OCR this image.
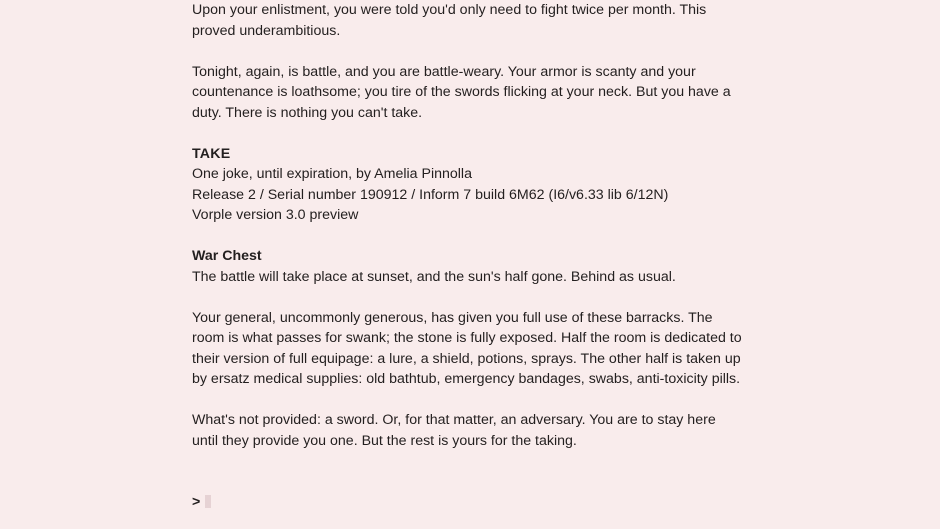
Upon your enlistment, you were told you'd only need to fight twice per month. This proved underambitious.

Tonight, again, is battle, and you are battle-weary. Your armor is scanty and your countenance is loathsome; you tire of the swords flicking at your neck. But you have a duty. There is nothing you can't take.

TAKE

One joke, until expiration, by Amelia Pinnolla

Release 2 / Serial number 190912 / Inform 7 build 6M62 (I6/v6.33 lib 6/12N)

Vorple version 3.0 preview

War Chest

The battle will take place at sunset, and the sun's half gone. Behind as usual.

Your general, uncommonly generous, has given you full use of these barracks. The room is what passes for swank; the stone is fully exposed. Half the room is dedicated to their version of full equipage: a lure, a shield, potions, sprays. The other half is taken up by ersatz medical supplies: old bathtub, emergency bandages, swabs, anti-toxicity pills.

What's not provided: a sword. Or, for that matter, an adversary. You are to stay here until they provide you one. But the rest is yours for the taking.

>
